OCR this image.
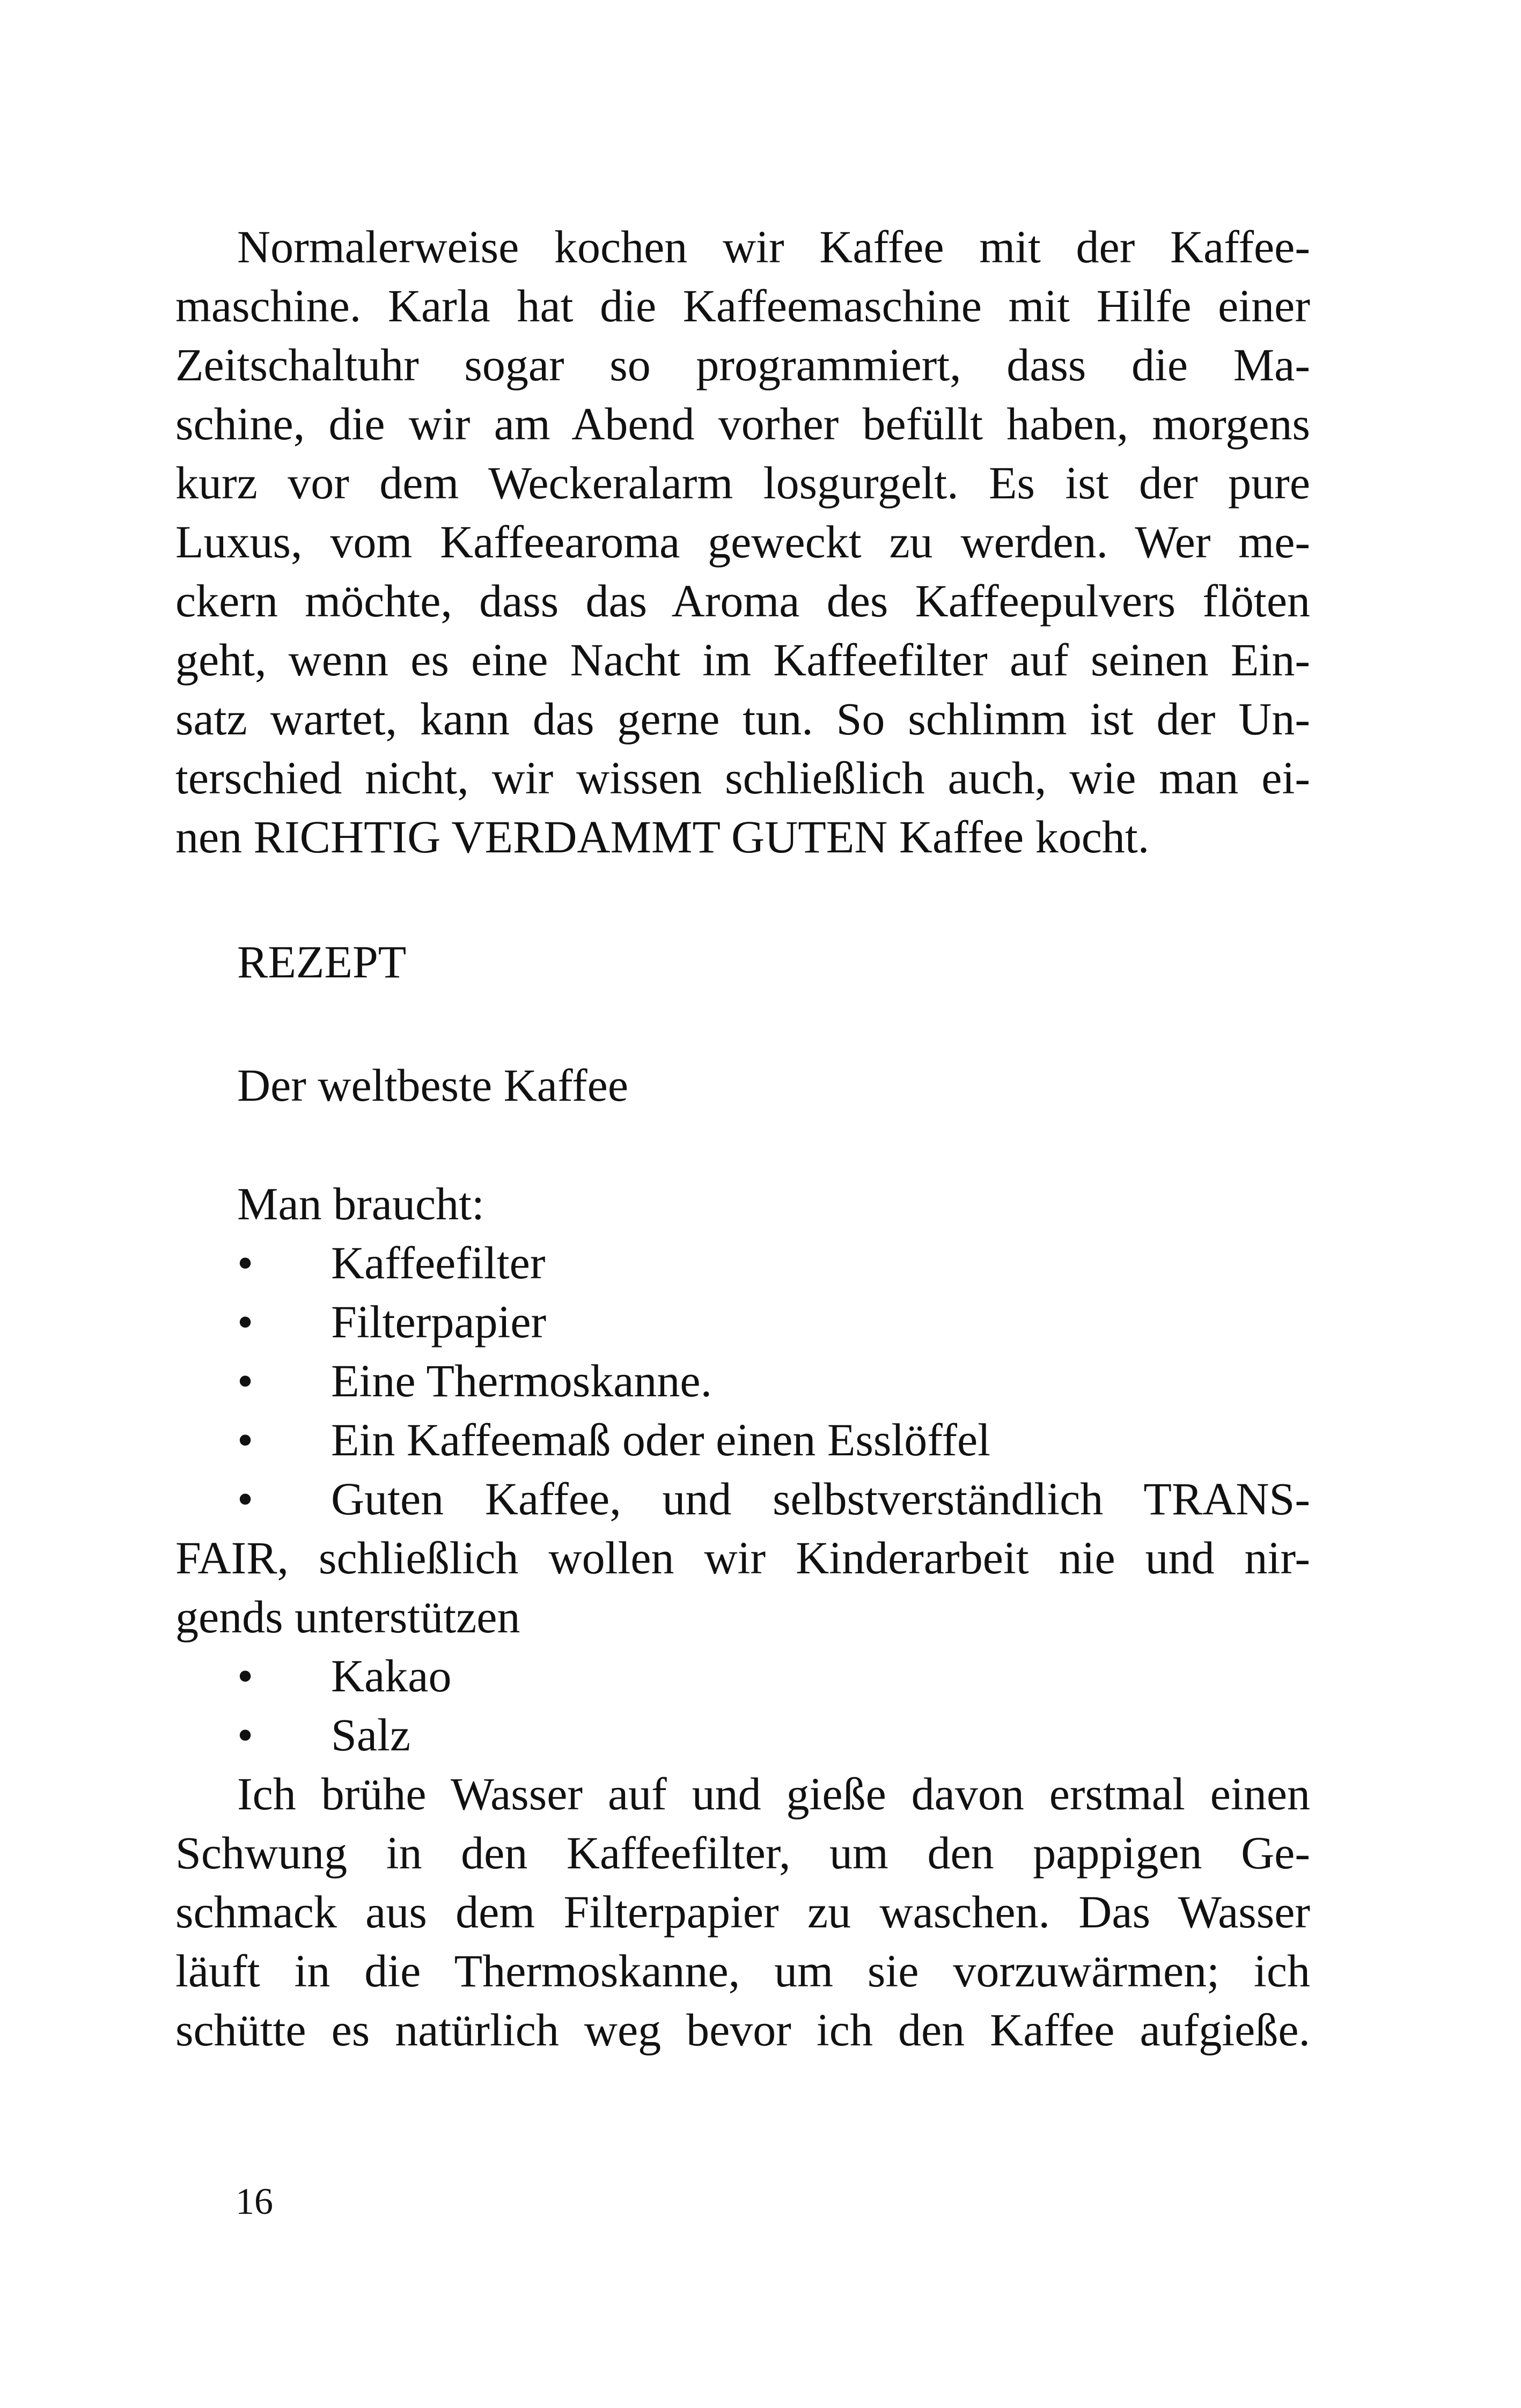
Normalerweise kochen wir Kaffee mit der Kaffee-
maschine. Karla hat die Kaffeemaschine mit Hilfe einer
Zeitschaltuhr sogar so programmiert, dass die Ma-
schine, die wir am Abend vorher befüllt haben, morgens
kurz vor dem Weckeralarm losgurgelt. Es ist der pure
Luxus, vom Kaffeearoma geweckt zu werden. Wer me-
ckern möchte, dass das Aroma des Kaffeepulvers flöten
geht, wenn es eine Nacht im Kaffeefilter auf seinen Ein-
satz wartet, kann das gerne tun. So schlimm ist der Un-
terschied nicht, wir wissen schließlich auch, wie man ei-
nen RICHTIG VERDAMMT GUTEN Kaffee kocht.
REZEPT
Der weltbeste Kaffee
Man braucht:
• Kaffeefilter
• Filterpapier
• Eine Thermoskanne.
• Ein Kaffeemaß oder einen Esslöffel
• Guten Kaffee, und selbstverständlich TRANS-
FAIR, schließlich wollen wir Kinderarbeit nie und nir-
gends unterstützen
• Kakao
• Salz
Ich brühe Wasser auf und gieße davon erstmal einen
Schwung in den Kaffeefilter, um den pappigen Ge-
schmack aus dem Filterpapier zu waschen. Das Wasser
läuft in die Thermoskanne, um sie vorzuwärmen; ich
schütte es natürlich weg bevor ich den Kaffee aufgieße.
16
